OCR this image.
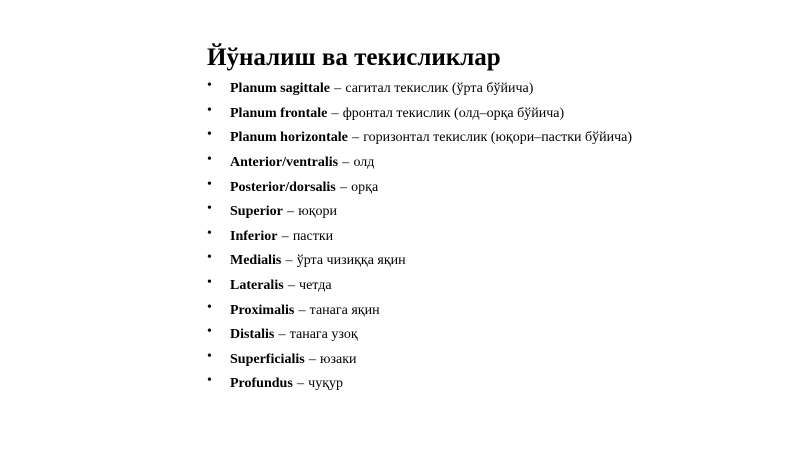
Йўналиш ва текисликлар
•	Planum sagittale – сагитал текислик (ўрта бўйича)
•	Planum frontale – фронтал текислик (олд–орқа бўйича)
•	Planum horizontale – горизонтал текислик (юқори–пастки бўйича)
•	Anterior/ventralis – олд
•	Posterior/dorsalis – орқа
•	Superior – юқори
•	Inferior – пастки
•	Medialis – ўрта чизиққа яқин
•	Lateralis – четда
•	Proximalis – танага яқин
•	Distalis – танага узоқ
•	Superficialis – юзаки
•	Profundus – чуқур
